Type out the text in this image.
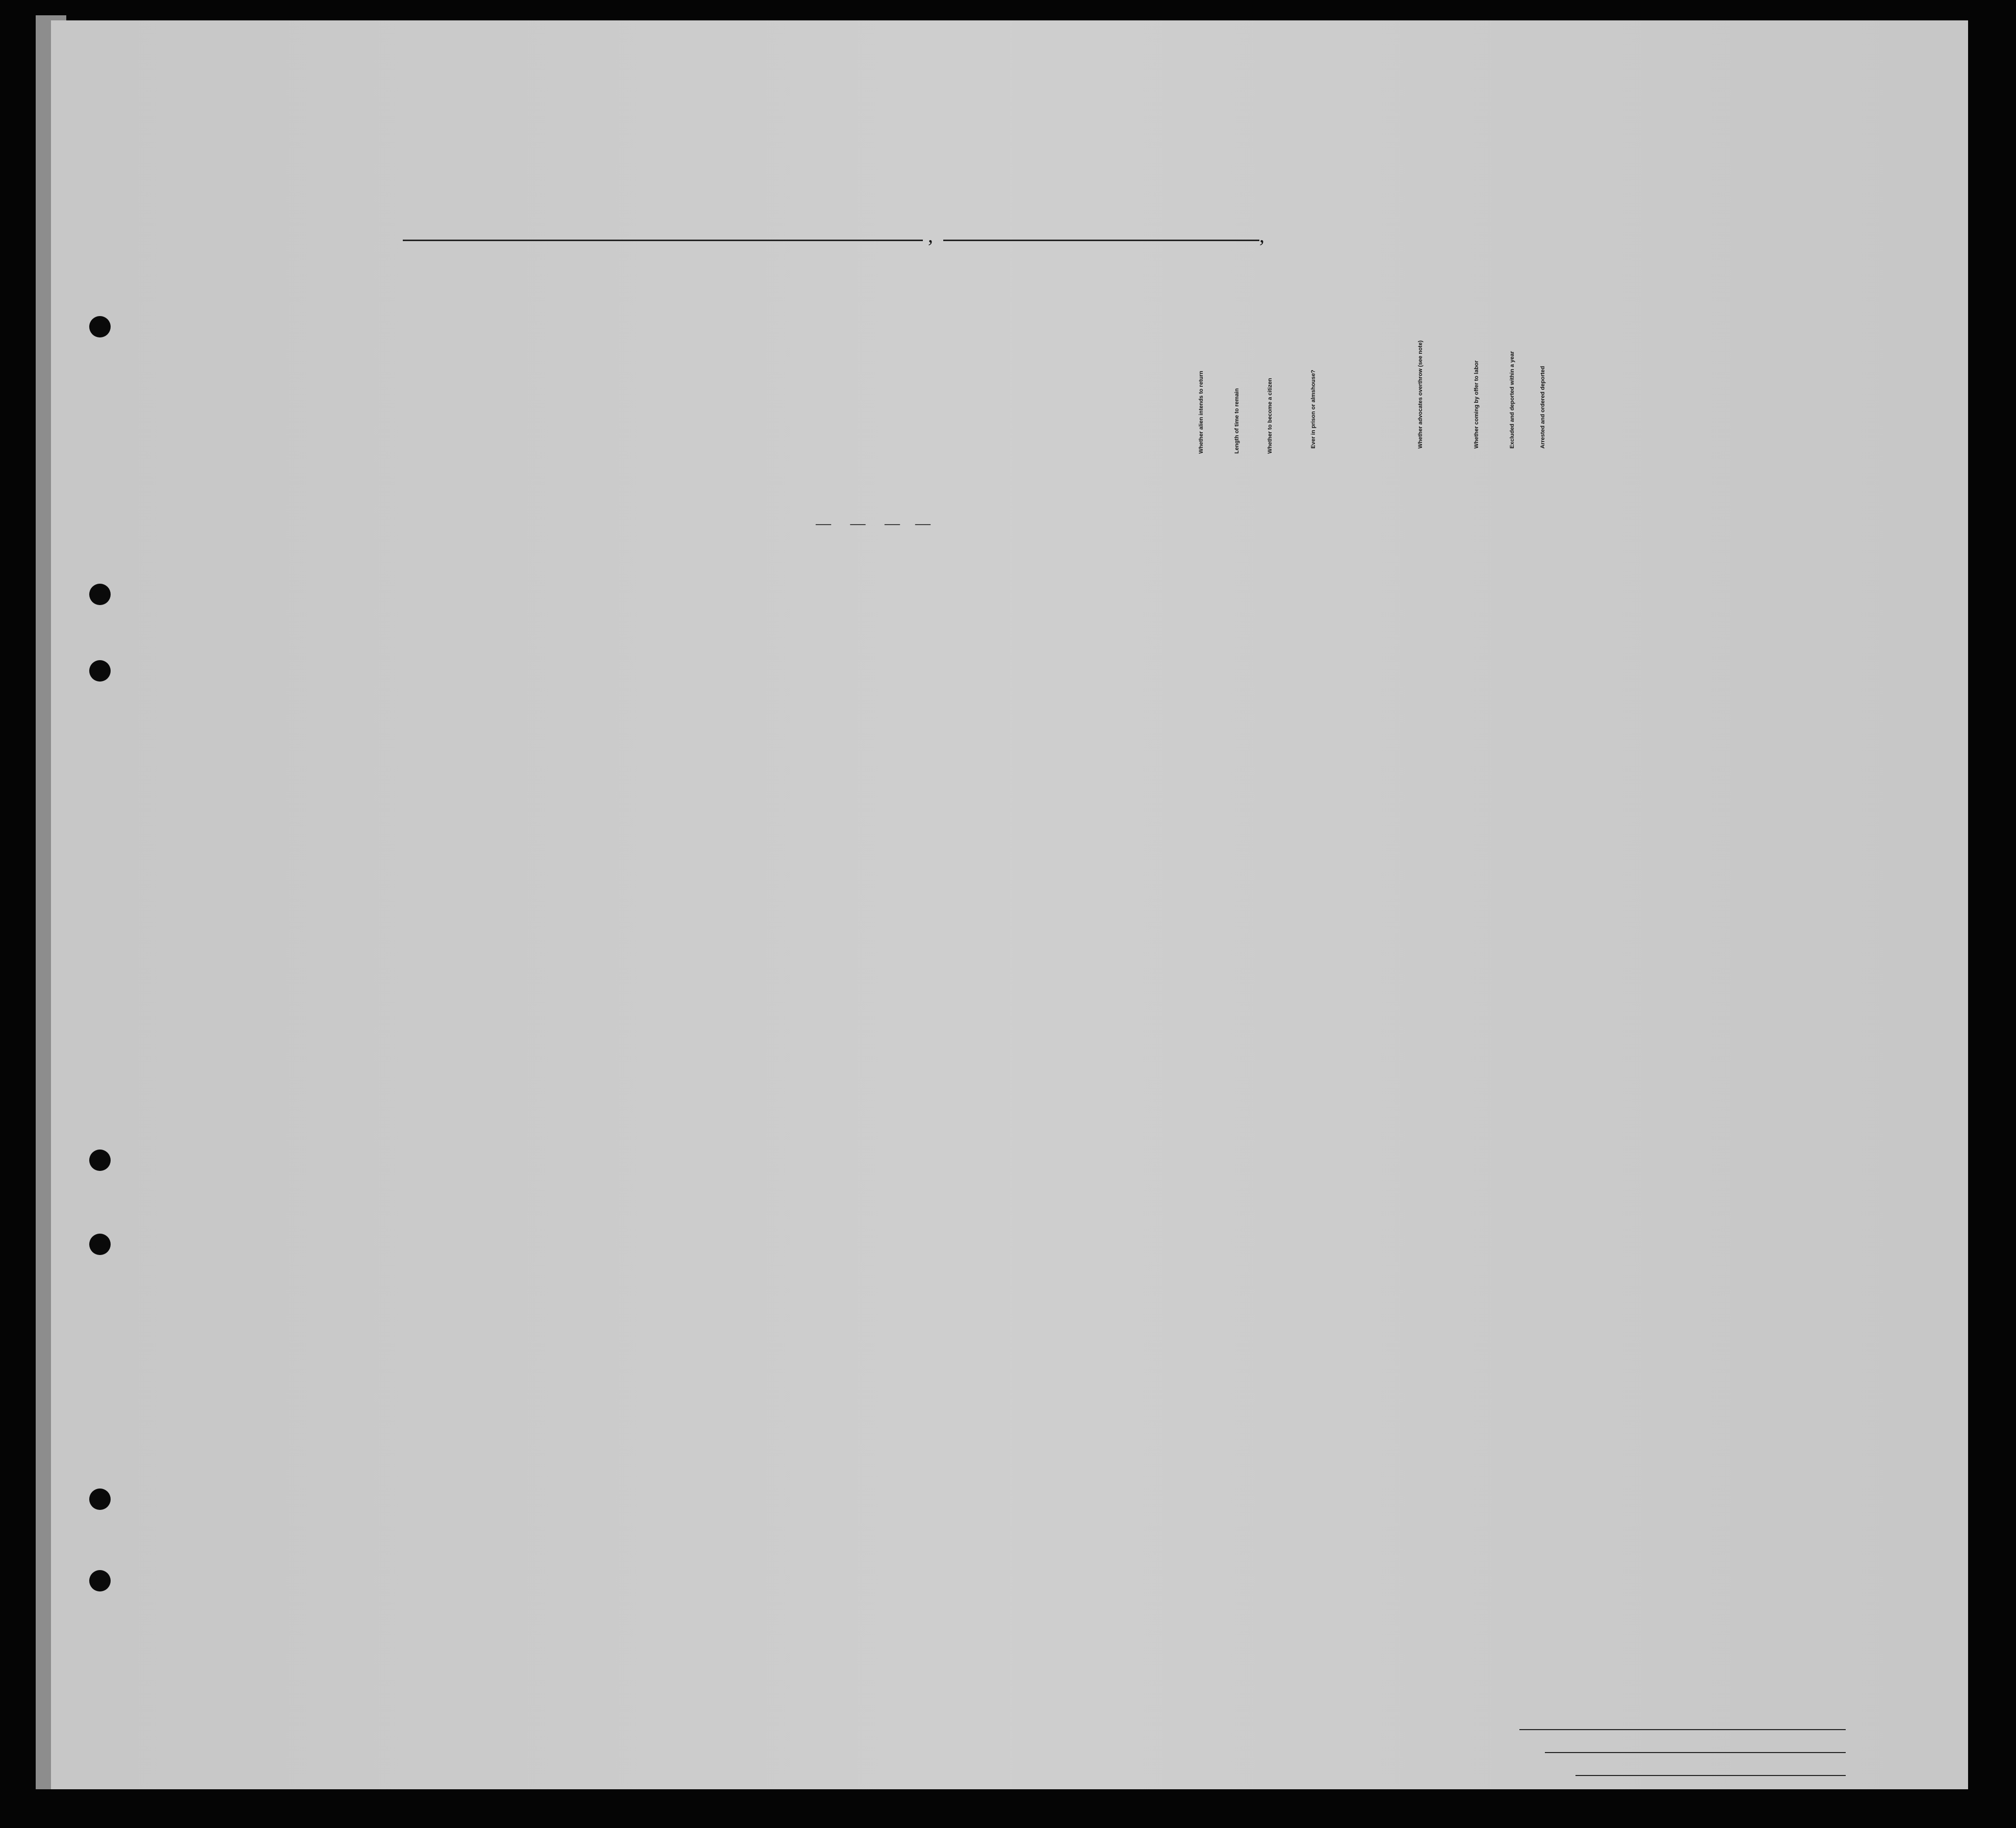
,	,
Whether alien intends to return	Length of time to remain	Whether to become a citizen	Ever in prison or almshouse?	Whether advocates overthrow (see note)	Whether coming by offer to labor	Excluded and deported within a year	Arrested and ordered deported
—     —     —    —
